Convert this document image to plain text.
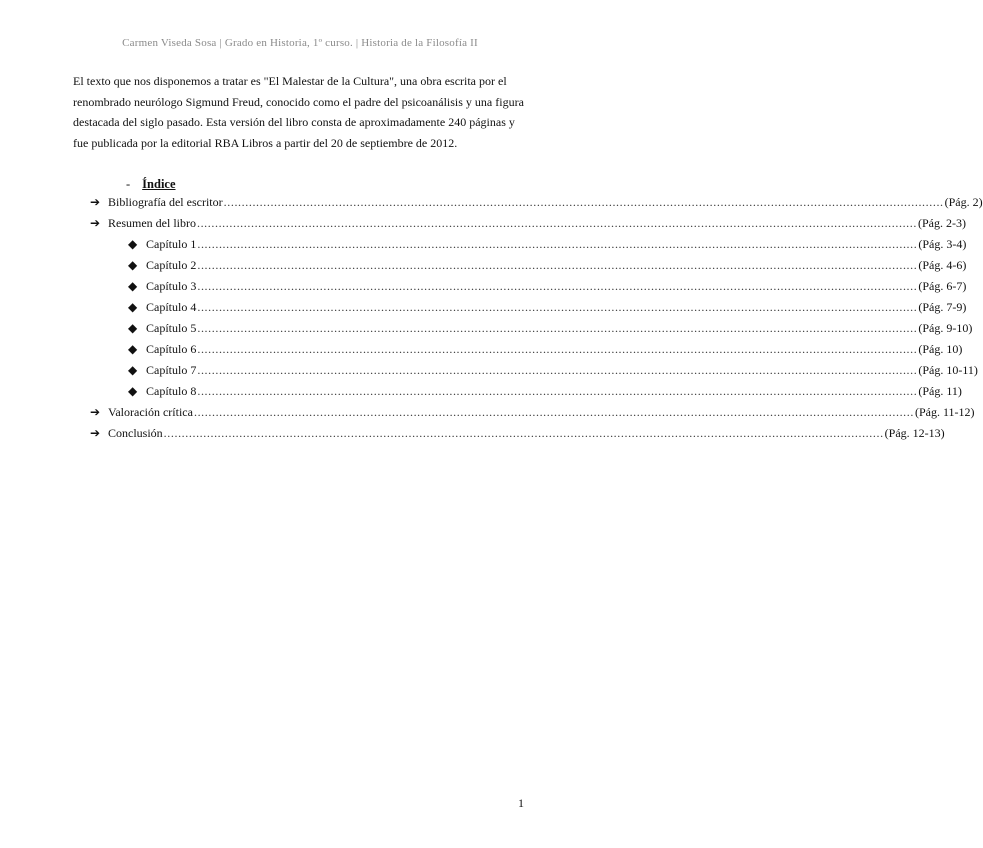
Carmen Viseda Sosa | Grado en Historia, 1º curso. | Historia de la Filosofía II

El texto que nos disponemos a tratar es "El Malestar de la Cultura", una obra escrita por el

renombrado neurólogo Sigmund Freud, conocido como el padre del psicoanálisis y una figura

destacada del siglo pasado. Esta versión del libro consta de aproximadamente 240 páginas y

fue publicada por la editorial RBA Libros a partir del 20 de septiembre de 2012.

- Índice
➔ Bibliografía del escritor ........................................................................................................................................................................................................ (Pág. 2)
➔ Resumen del libro ........................................................................................................................................................................................................ (Pág. 2-3)
◆ Capítulo 1 ........................................................................................................................................................................................................ (Pág. 3-4)
◆ Capítulo 2 ........................................................................................................................................................................................................ (Pág. 4-6)
◆ Capítulo 3 ........................................................................................................................................................................................................ (Pág. 6-7)
◆ Capítulo 4 ........................................................................................................................................................................................................ (Pág. 7-9)
◆ Capítulo 5 ........................................................................................................................................................................................................ (Pág. 9-10)
◆ Capítulo 6 ........................................................................................................................................................................................................ (Pág. 10)
◆ Capítulo 7 ........................................................................................................................................................................................................ (Pág. 10-11)
◆ Capítulo 8 ........................................................................................................................................................................................................ (Pág. 11)
➔ Valoración crítica ........................................................................................................................................................................................................ (Pág. 11-12)
➔ Conclusión ........................................................................................................................................................................................................ (Pág. 12-13)
1
